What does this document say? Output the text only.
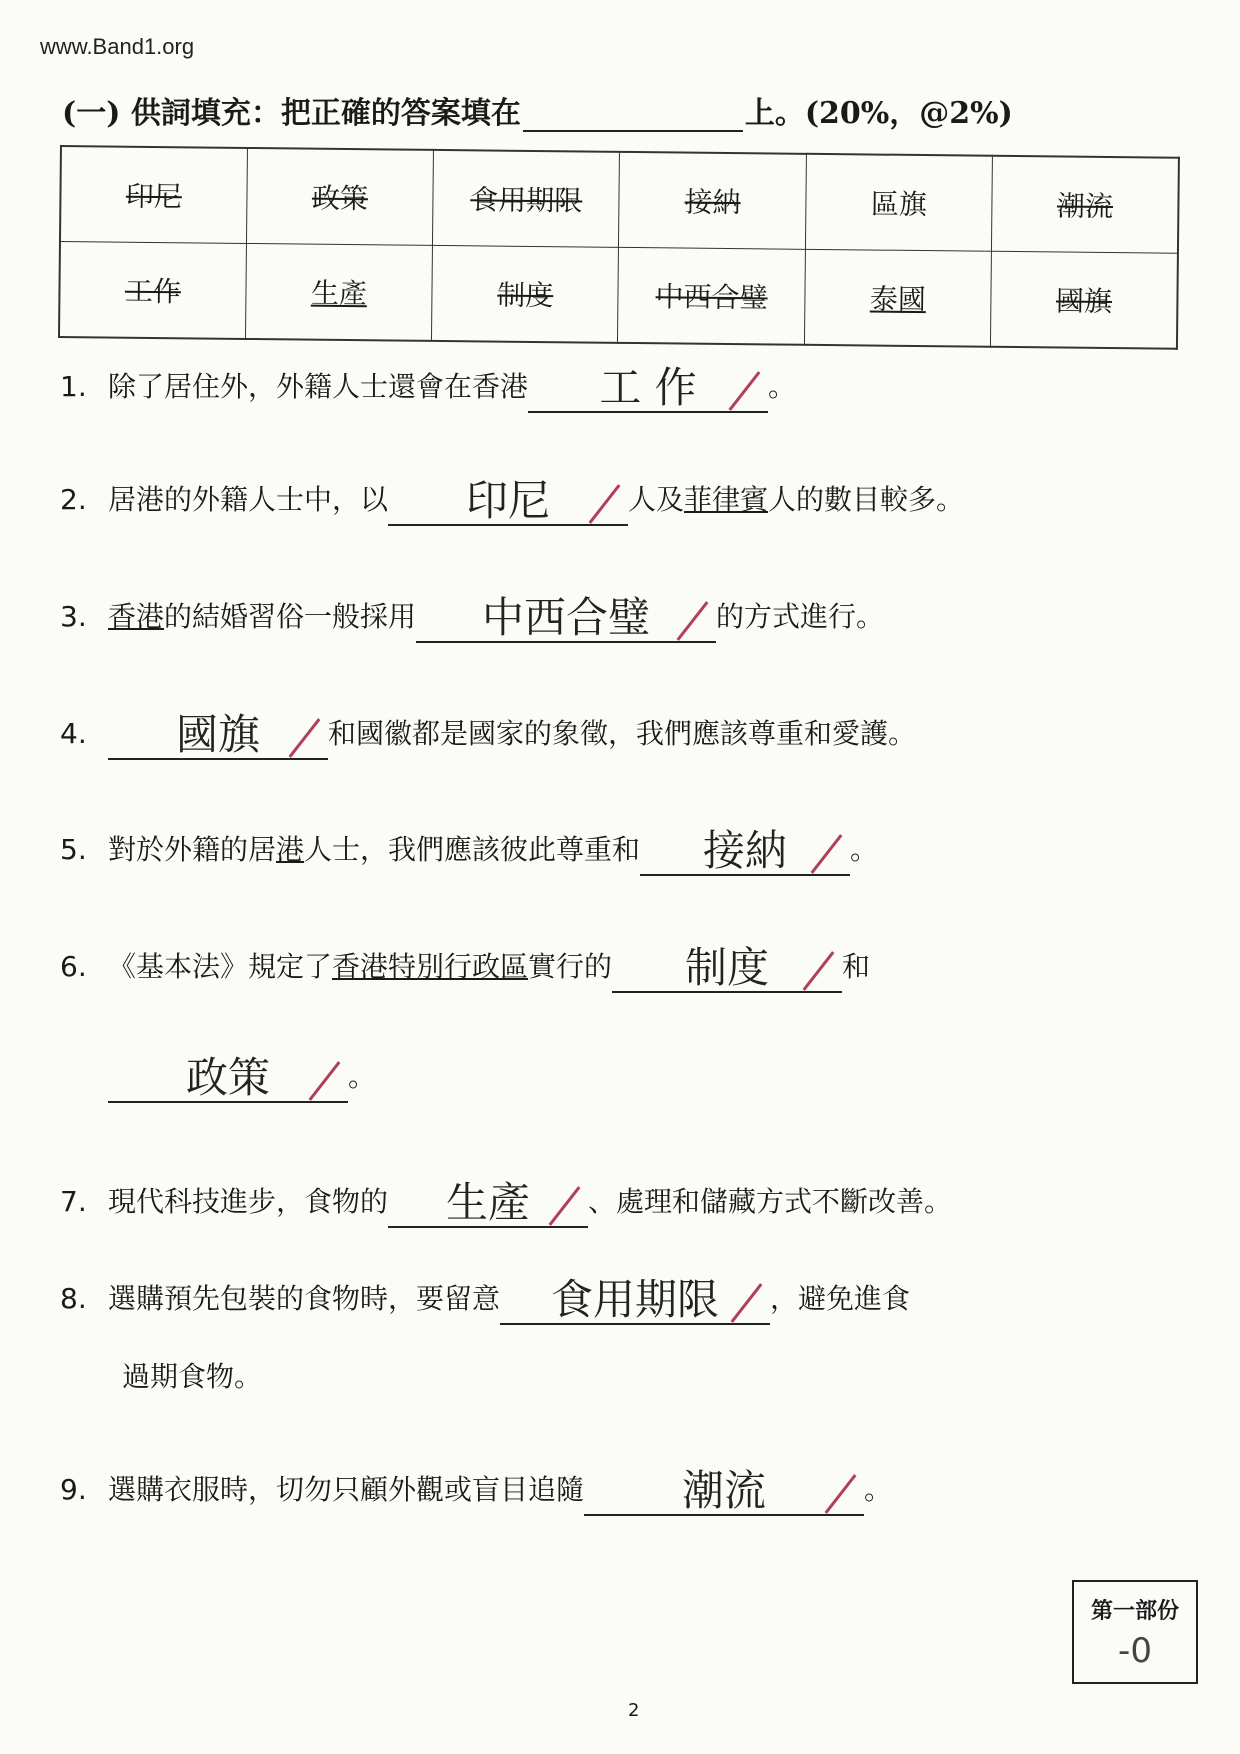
www.Band1.org
(一) 供詞填充：把正確的答案填在	上。(20%，@2%)
印尼	政策	食用期限	接納	區旗	潮流
工作	生產	制度	中西合璧	泰國	國旗
1. 除了居住外，外籍人士還會在香港 工 作	。
2. 居港的外籍人士中，以 印尼	人及菲律賓人的數目較多。
3. 香港的結婚習俗一般採用 中西合璧 的方式進行。
4. 國旗 和國徽都是國家的象徵，我們應該尊重和愛護。
5. 對於外籍的居港人士，我們應該彼此尊重和 接納 。
6. 《基本法》規定了香港特別行政區實行的 制度	和
政策	。
7. 現代科技進步，食物的 生產 、處理和儲藏方式不斷改善。
8. 選購預先包裝的食物時，要留意 食用期限 ，避免進食
過期食物。
9. 選購衣服時，切勿只顧外觀或盲目追隨 潮流	。
第一部份
-0
2
